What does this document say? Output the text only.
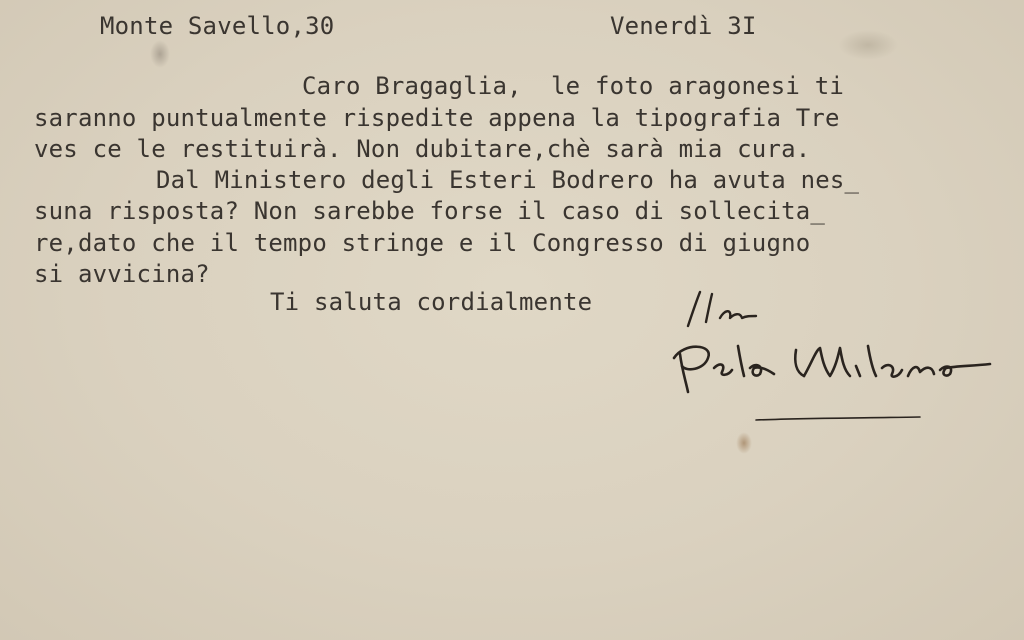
Monte Savello,30	Venerdì 3I

Caro Bragaglia,  le foto aragonesi ti

saranno puntualmente rispedite appena la tipografia Tre

ves ce le restituirà. Non dubitare,chè sarà mia cura.

Dal Ministero degli Esteri Bodrero ha avuta nes_

suna risposta? Non sarebbe forse il caso di sollecita_

re,dato che il tempo stringe e il Congresso di giugno

si avvicina?

Ti saluta cordialmente
